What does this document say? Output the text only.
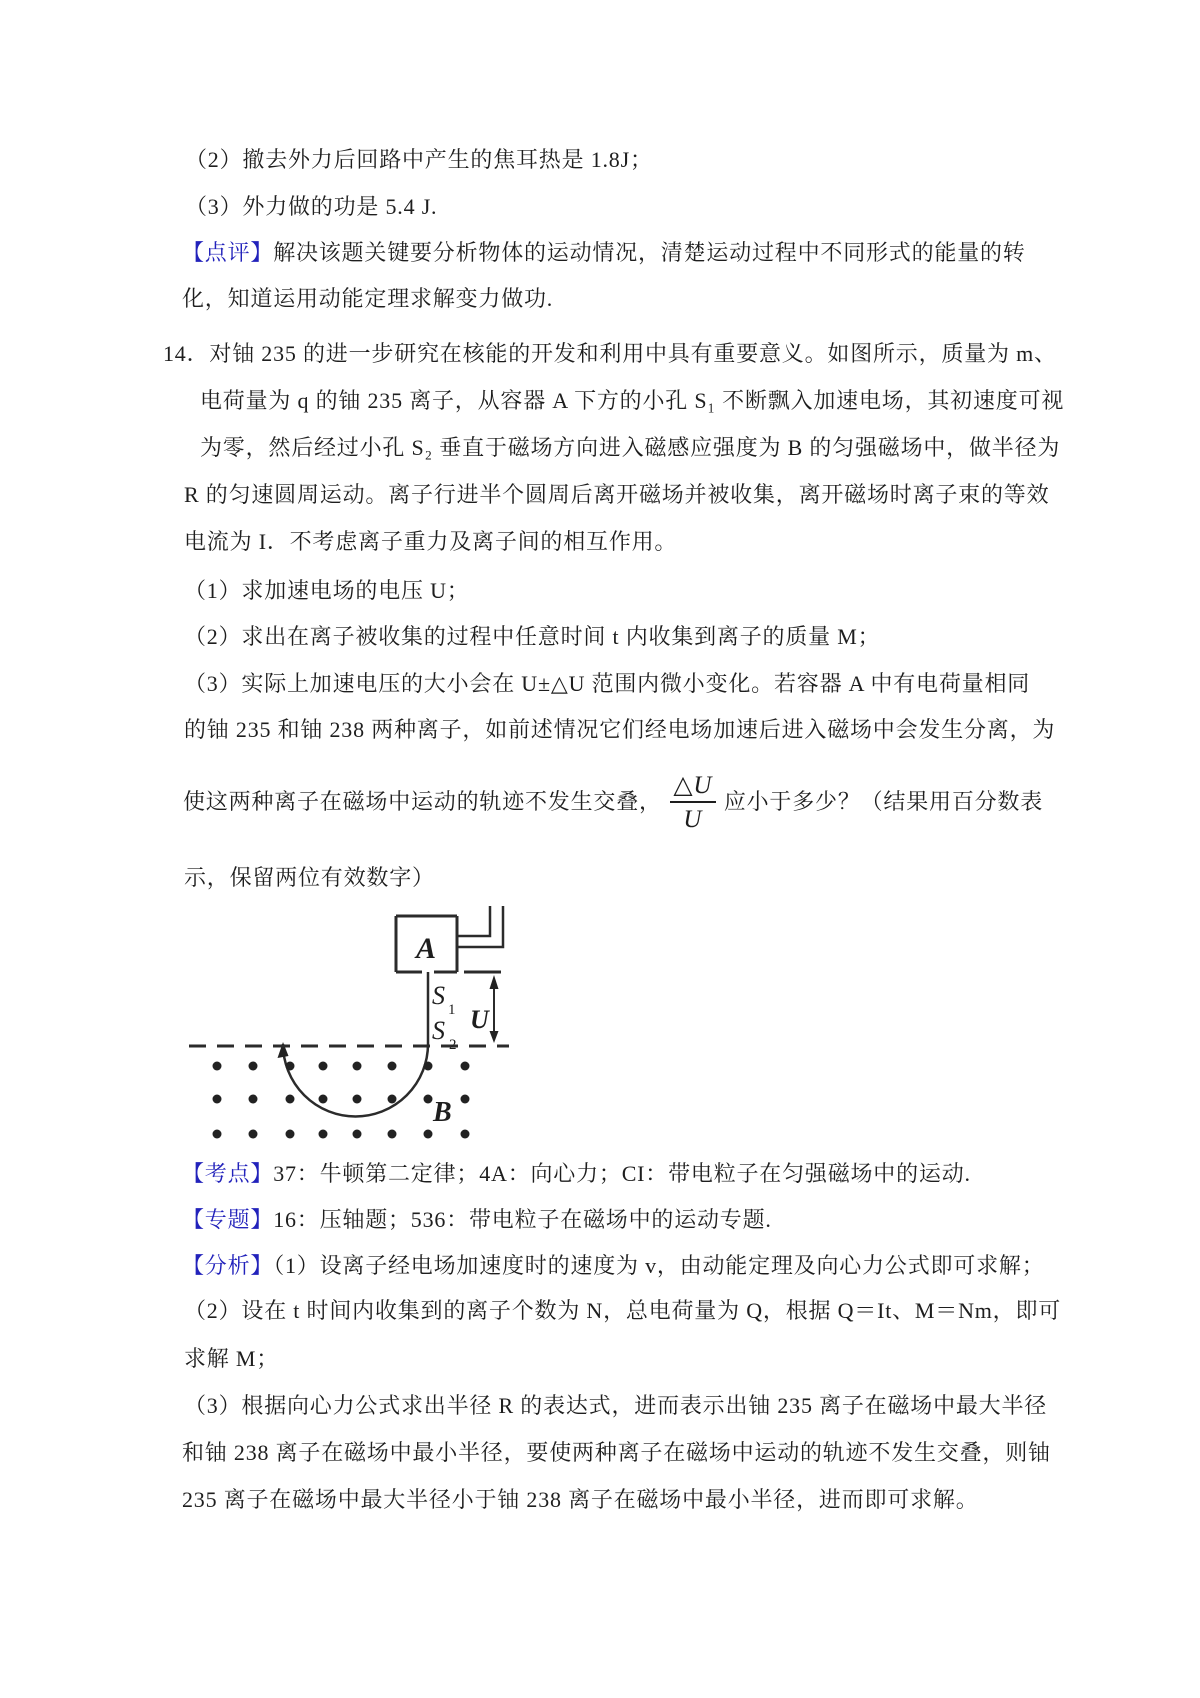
（2）撤去外力后回路中产生的焦耳热是 1.8J；
（3）外力做的功是 5.4 J.
【点评】解决该题关键要分析物体的运动情况，清楚运动过程中不同形式的能量的转
化，知道运用动能定理求解变力做功.
14．对铀 235 的进一步研究在核能的开发和利用中具有重要意义。如图所示，质量为 m、
电荷量为 q 的铀 235 离子，从容器 A 下方的小孔 S₁ 不断飘入加速电场，其初速度可视
为零，然后经过小孔 S₂ 垂直于磁场方向进入磁感应强度为 B 的匀强磁场中，做半径为
R 的匀速圆周运动。离子行进半个圆周后离开磁场并被收集，离开磁场时离子束的等效
电流为 I．不考虑离子重力及离子间的相互作用。
（1）求加速电场的电压 U；
（2）求出在离子被收集的过程中任意时间 t 内收集到离子的质量 M；
（3）实际上加速电压的大小会在 U±△U 范围内微小变化。若容器 A 中有电荷量相同
的铀 235 和铀 238 两种离子，如前述情况它们经电场加速后进入磁场中会发生分离，为
使这两种离子在磁场中运动的轨迹不发生交叠， $\frac{\triangle U}{U}$ 应小于多少？（结果用百分数表
示，保留两位有效数字）
A
S 1
S 2
U
B
【考点】37：牛顿第二定律；4A：向心力；CI：带电粒子在匀强磁场中的运动.
【专题】16：压轴题；536：带电粒子在磁场中的运动专题.
【分析】（1）设离子经电场加速度时的速度为 v，由动能定理及向心力公式即可求解；
（2）设在 t 时间内收集到的离子个数为 N，总电荷量为 Q，根据 Q＝It、M＝Nm，即可
求解 M；
（3）根据向心力公式求出半径 R 的表达式，进而表示出铀 235 离子在磁场中最大半径
和铀 238 离子在磁场中最小半径，要使两种离子在磁场中运动的轨迹不发生交叠，则铀
235 离子在磁场中最大半径小于铀 238 离子在磁场中最小半径，进而即可求解。
